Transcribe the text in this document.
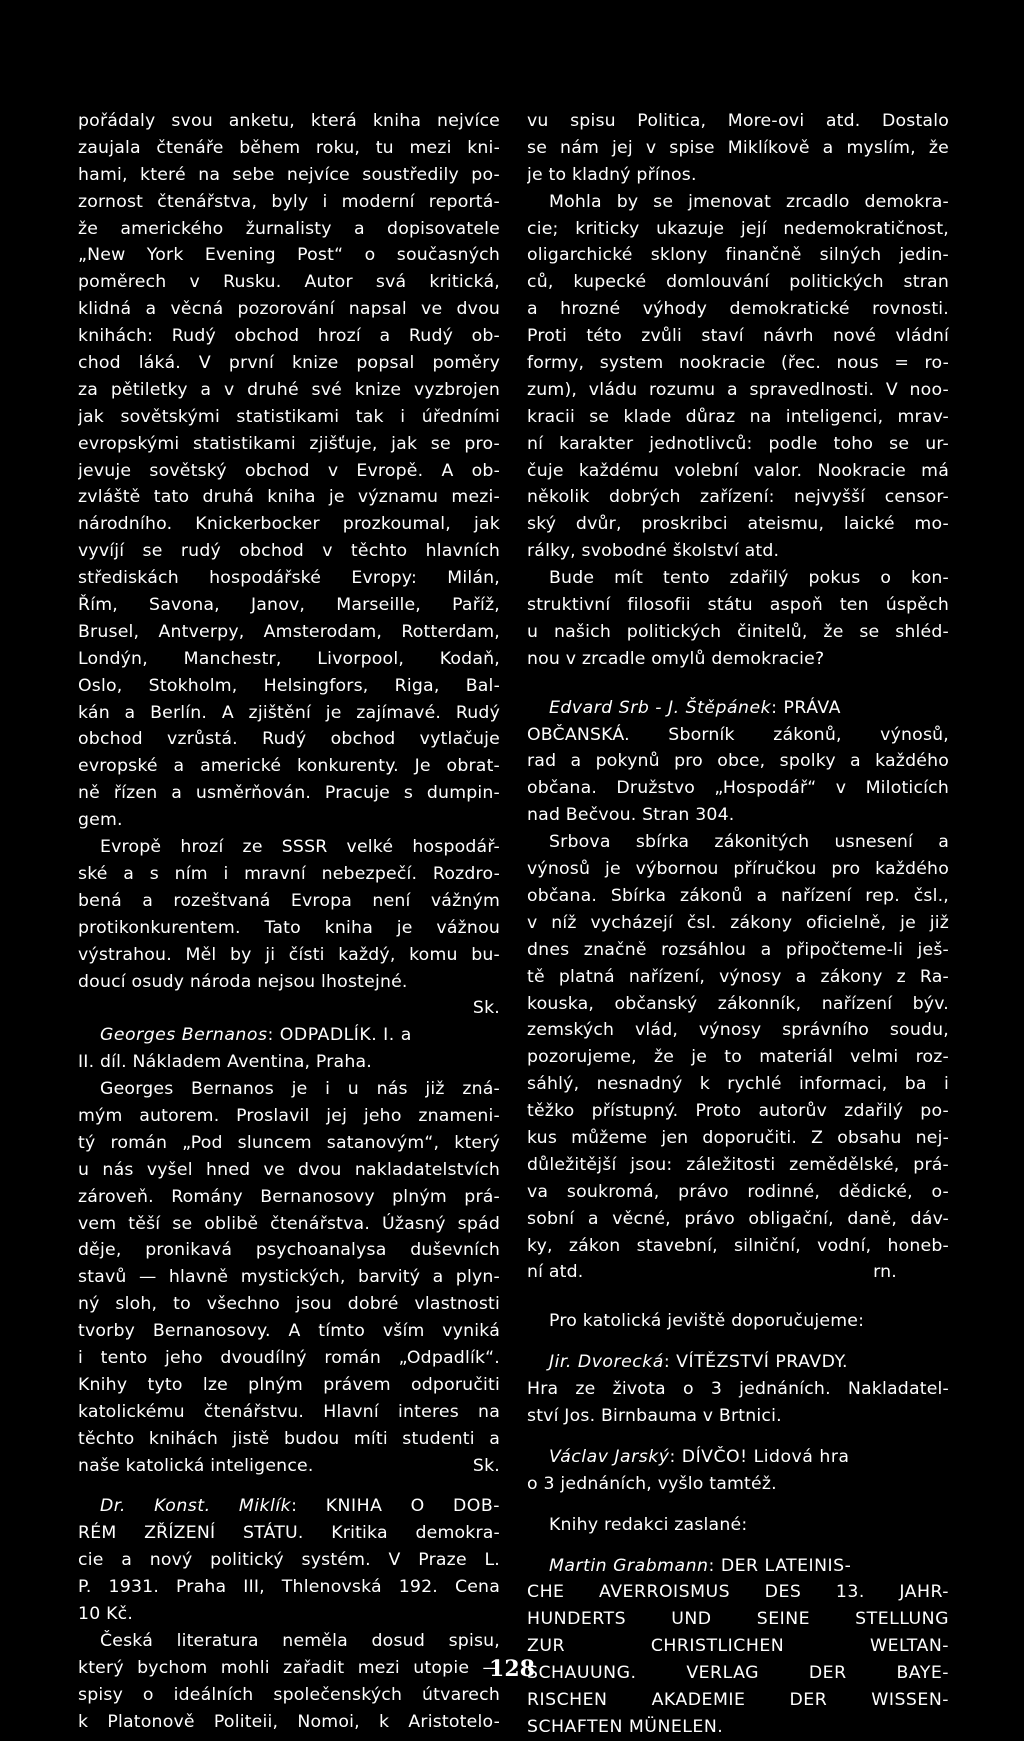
pořádaly svou anketu, která kniha nejvíce
zaujala čtenáře během roku, tu mezi kni-
hami, které na sebe nejvíce soustředily po-
zornost čtenářstva, byly i moderní reportá-
že amerického žurnalisty a dopisovatele
„New York Evening Post“ o současných
poměrech v Rusku. Autor svá kritická,
klidná a věcná pozorování napsal ve dvou
knihách: Rudý obchod hrozí a Rudý ob-
chod láká. V první knize popsal poměry
za pětiletky a v druhé své knize vyzbrojen
jak sovětskými statistikami tak i úředními
evropskými statistikami zjišťuje, jak se pro-
jevuje sovětský obchod v Evropě. A ob-
zvláště tato druhá kniha je významu mezi-
národního. Knickerbocker prozkoumal, jak
vyvíjí se rudý obchod v těchto hlavních
střediskách hospodářské Evropy: Milán,
Řím, Savona, Janov, Marseille, Paříž,
Brusel, Antverpy, Amsterodam, Rotterdam,
Londýn, Manchestr, Livorpool, Kodaň,
Oslo, Stokholm, Helsingfors, Riga, Bal-
kán a Berlín. A zjištění je zajímavé. Rudý
obchod vzrůstá. Rudý obchod vytlačuje
evropské a americké konkurenty. Je obrat-
ně řízen a usměrňován. Pracuje s dumpin-
gem.
Evropě hrozí ze SSSR velké hospodář-
ské a s ním i mravní nebezpečí. Rozdro-
bená a rozeštvaná Evropa není vážným
protikonkurentem. Tato kniha je vážnou
výstrahou. Měl by ji čísti každý, komu bu-
doucí osudy národa nejsou lhostejné.
Sk.
Georges Bernanos: ODPADLÍK. I. a
II. díl. Nákladem Aventina, Praha.
Georges Bernanos je i u nás již zná-
mým autorem. Proslavil jej jeho znameni-
tý román „Pod sluncem satanovým“, který
u nás vyšel hned ve dvou nakladatelstvích
zároveň. Romány Bernanosovy plným prá-
vem těší se oblibě čtenářstva. Úžasný spád
děje, pronikavá psychoanalysa duševních
stavů — hlavně mystických, barvitý a plyn-
ný sloh, to všechno jsou dobré vlastnosti
tvorby Bernanosovy. A tímto vším vyniká
i tento jeho dvoudílný román „Odpadlík“.
Knihy tyto lze plným právem odporučiti
katolickému čtenářstvu. Hlavní interes na
těchto knihách jistě budou míti studenti a
naše katolická inteligence.	Sk.
Dr. Konst. Miklík: KNIHA O DOB-
RÉM ZŘÍZENÍ STÁTU. Kritika demokra-
cie a nový politický systém. V Praze L.
P. 1931. Praha III, Thlenovská 192. Cena
10 Kč.
Česká literatura neměla dosud spisu,
který bychom mohli zařadit mezi utopie —
spisy o ideálních společenských útvarech
k Platonově Politeii, Nomoi, k Aristotelo-
vu spisu Politica, More-ovi atd. Dostalo
se nám jej v spise Miklíkově a myslím, že
je to kladný přínos.
Mohla by se jmenovat zrcadlo demokra-
cie; kriticky ukazuje její nedemokratičnost,
oligarchické sklony finančně silných jedin-
ců, kupecké domlouvání politických stran
a hrozné výhody demokratické rovnosti.
Proti této zvůli staví návrh nové vládní
formy, system nookracie (řec. nous = ro-
zum), vládu rozumu a spravedlnosti. V noo-
kracii se klade důraz na inteligenci, mrav-
ní karakter jednotlivců: podle toho se ur-
čuje každému volební valor. Nookracie má
několik dobrých zařízení: nejvyšší censor-
ský dvůr, proskribci ateismu, laické mo-
rálky, svobodné školství atd.
Bude mít tento zdařilý pokus o kon-
struktivní filosofii státu aspoň ten úspěch
u našich politických činitelů, že se shléd-
nou v zrcadle omylů demokracie?
Edvard Srb - J. Štěpánek: PRÁVA
OBČANSKÁ. Sborník zákonů, výnosů,
rad a pokynů pro obce, spolky a každého
občana. Družstvo „Hospodář“ v Miloticích
nad Bečvou. Stran 304.
Srbova sbírka zákonitých usnesení a
výnosů je výbornou příručkou pro každého
občana. Sbírka zákonů a nařízení rep. čsl.,
v níž vycházejí čsl. zákony oficielně, je již
dnes značně rozsáhlou a připočteme-li ješ-
tě platná nařízení, výnosy a zákony z Ra-
kouska, občanský zákonník, nařízení býv.
zemských vlád, výnosy správního soudu,
pozorujeme, že je to materiál velmi roz-
sáhlý, nesnadný k rychlé informaci, ba i
těžko přístupný. Proto autorův zdařilý po-
kus můžeme jen doporučiti. Z obsahu nej-
důležitější jsou: záležitosti zemědělské, prá-
va soukromá, právo rodinné, dědické, o-
sobní a věcné, právo obligační, daně, dáv-
ky, zákon stavební, silniční, vodní, honeb-
ní atd.	rn.
Pro katolická jeviště doporučujeme:
Jir. Dvorecká: VÍTĚZSTVÍ PRAVDY.
Hra ze života o 3 jednáních. Nakladatel-
ství Jos. Birnbauma v Brtnici.
Václav Jarský: DÍVČO! Lidová hra
o 3 jednáních, vyšlo tamtéž.
Knihy redakci zaslané:
Martin Grabmann: DER LATEINIS-
CHE AVERROISMUS DES 13. JAHR-
HUNDERTS UND SEINE STELLUNG
ZUR CHRISTLICHEN WELTAN-
SCHAUUNG. VERLAG DER BAYE-
RISCHEN AKADEMIE DER WISSEN-
SCHAFTEN MÜNELEN.
128
